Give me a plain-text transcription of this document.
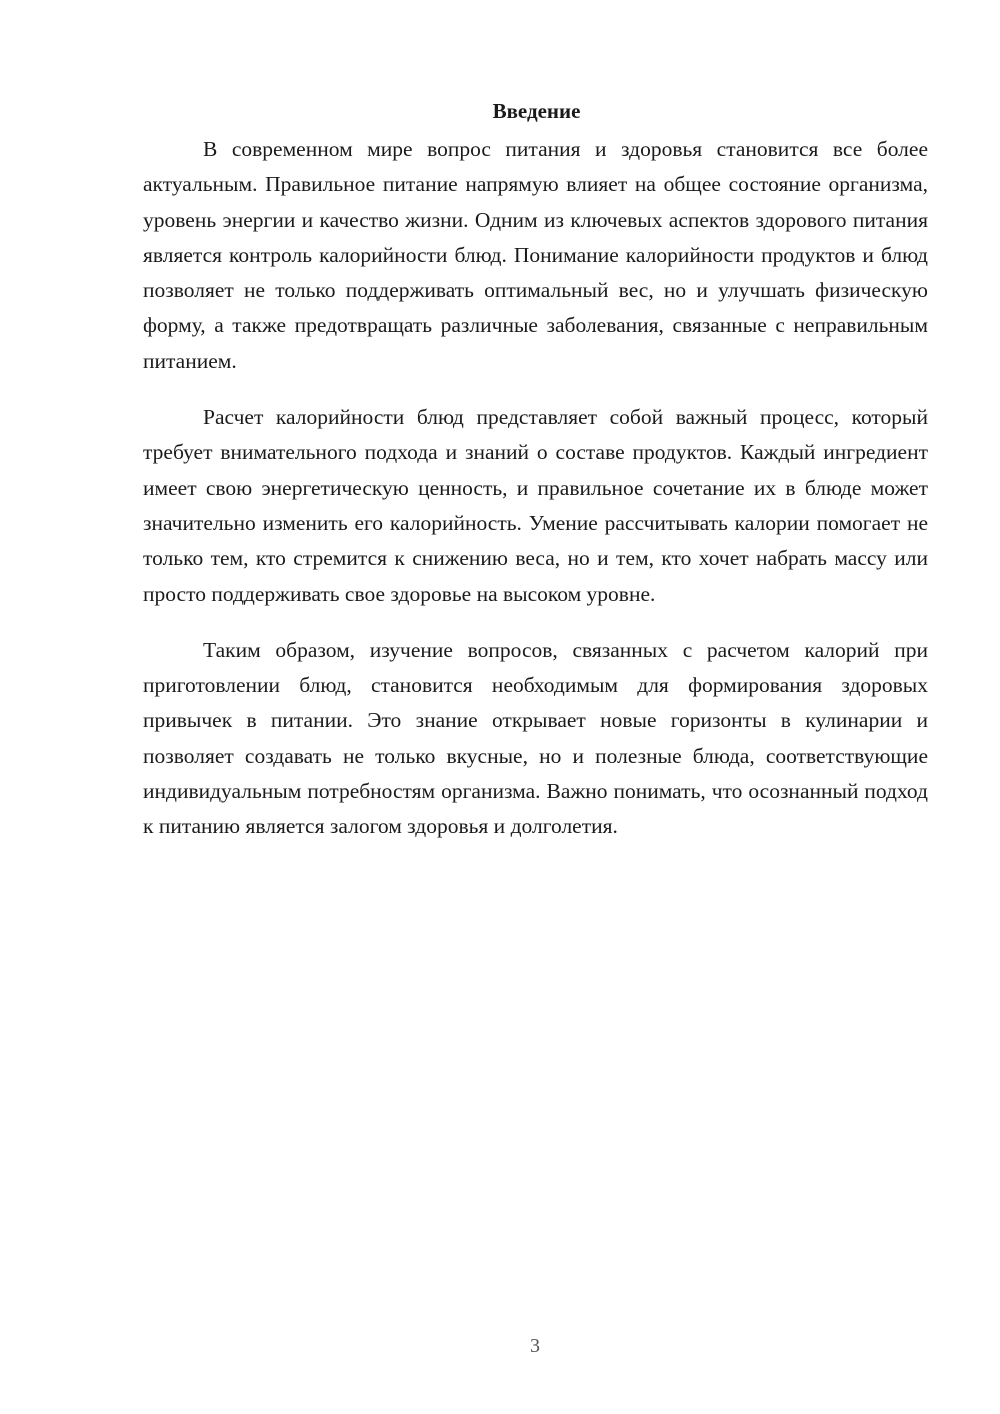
Введение

В современном мире вопрос питания и здоровья становится все более актуальным. Правильное питание напрямую влияет на общее состояние организма, уровень энергии и качество жизни. Одним из ключевых аспектов здорового питания является контроль калорийности блюд. Понимание калорийности продуктов и блюд позволяет не только поддерживать оптимальный вес, но и улучшать физическую форму, а также предотвращать различные заболевания, связанные с неправильным питанием.

Расчет калорийности блюд представляет собой важный процесс, который требует внимательного подхода и знаний о составе продуктов. Каждый ингредиент имеет свою энергетическую ценность, и правильное сочетание их в блюде может значительно изменить его калорийность. Умение рассчитывать калории помогает не только тем, кто стремится к снижению веса, но и тем, кто хочет набрать массу или просто поддерживать свое здоровье на высоком уровне.

Таким образом, изучение вопросов, связанных с расчетом калорий при приготовлении блюд, становится необходимым для формирования здоровых привычек в питании. Это знание открывает новые горизонты в кулинарии и позволяет создавать не только вкусные, но и полезные блюда, соответствующие индивидуальным потребностям организма. Важно понимать, что осознанный подход к питанию является залогом здоровья и долголетия.

3
